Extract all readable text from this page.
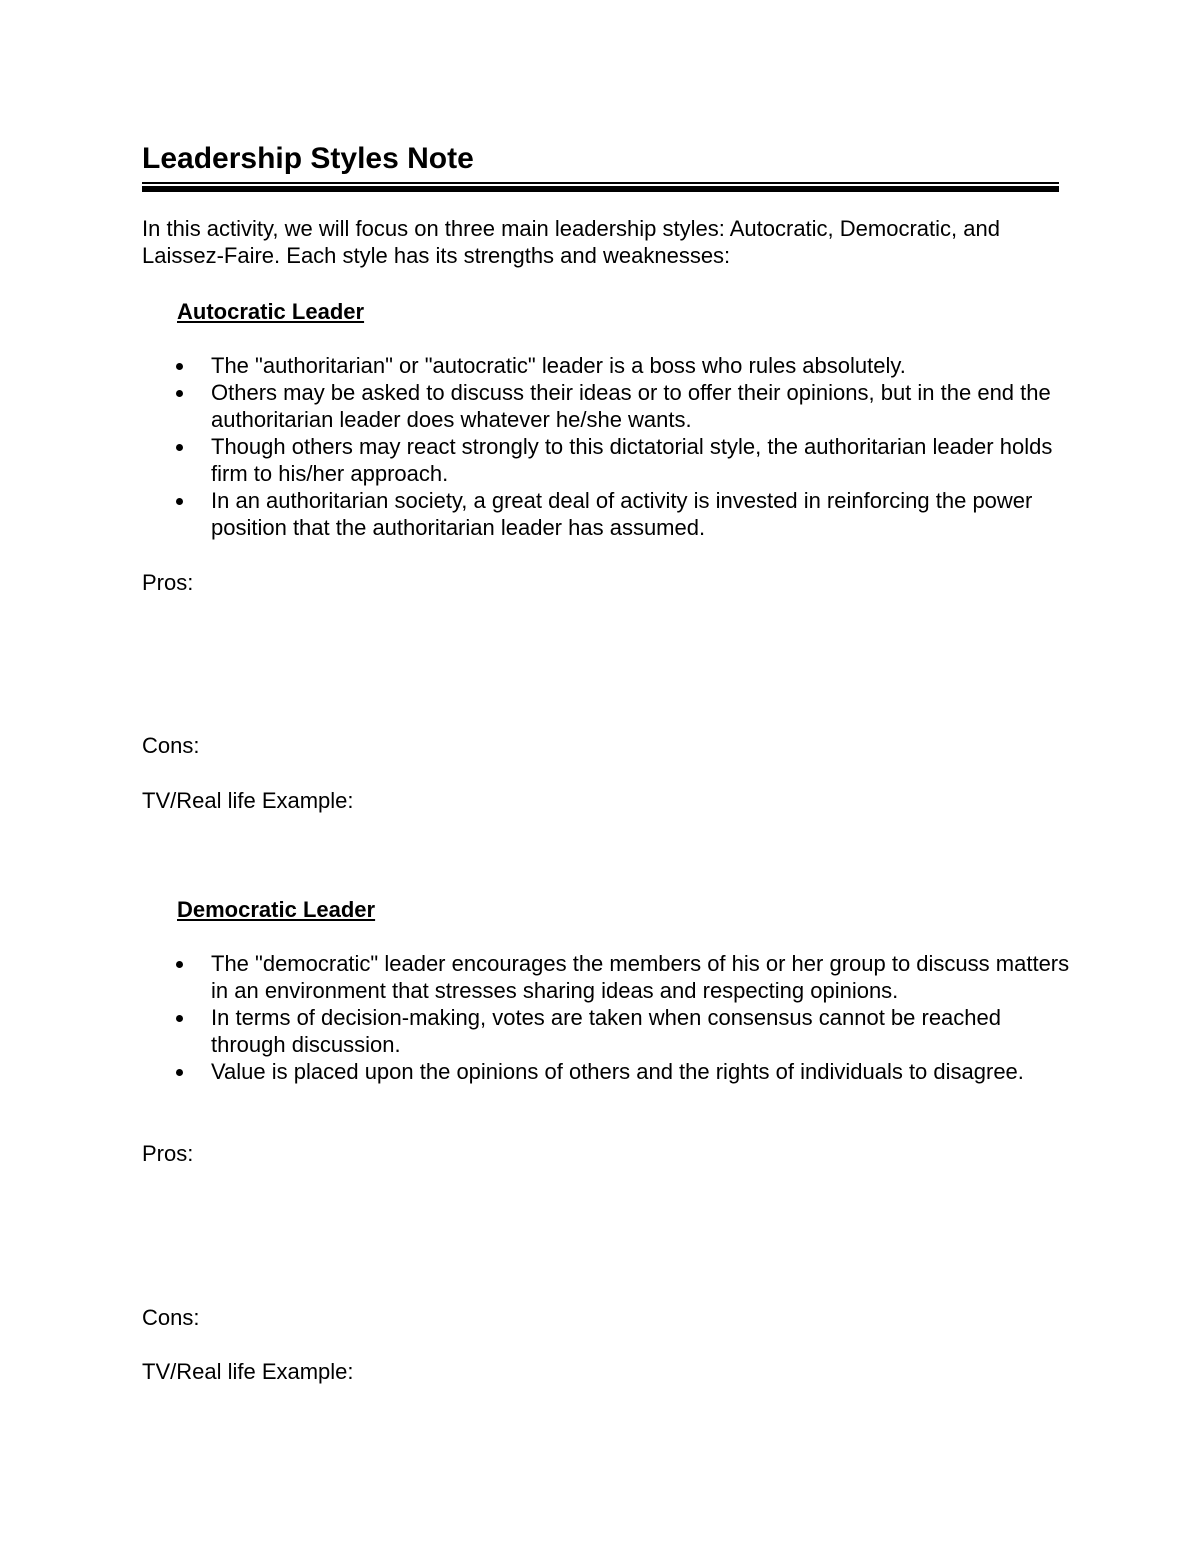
Leadership Styles Note
In this activity, we will focus on three main leadership styles: Autocratic, Democratic, and Laissez-Faire. Each style has its strengths and weaknesses:
Autocratic Leader
The "authoritarian" or "autocratic" leader is a boss who rules absolutely.
Others may be asked to discuss their ideas or to offer their opinions, but in the end the authoritarian leader does whatever he/she wants.
Though others may react strongly to this dictatorial style, the authoritarian leader holds firm to his/her approach.
In an authoritarian society, a great deal of activity is invested in reinforcing the power position that the authoritarian leader has assumed.
Pros:
Cons:
TV/Real life Example:
Democratic Leader
The "democratic" leader encourages the members of his or her group to discuss matters in an environment that stresses sharing ideas and respecting opinions.
In terms of decision-making, votes are taken when consensus cannot be reached through discussion.
Value is placed upon the opinions of others and the rights of individuals to disagree.
Pros:
Cons:
TV/Real life Example:
